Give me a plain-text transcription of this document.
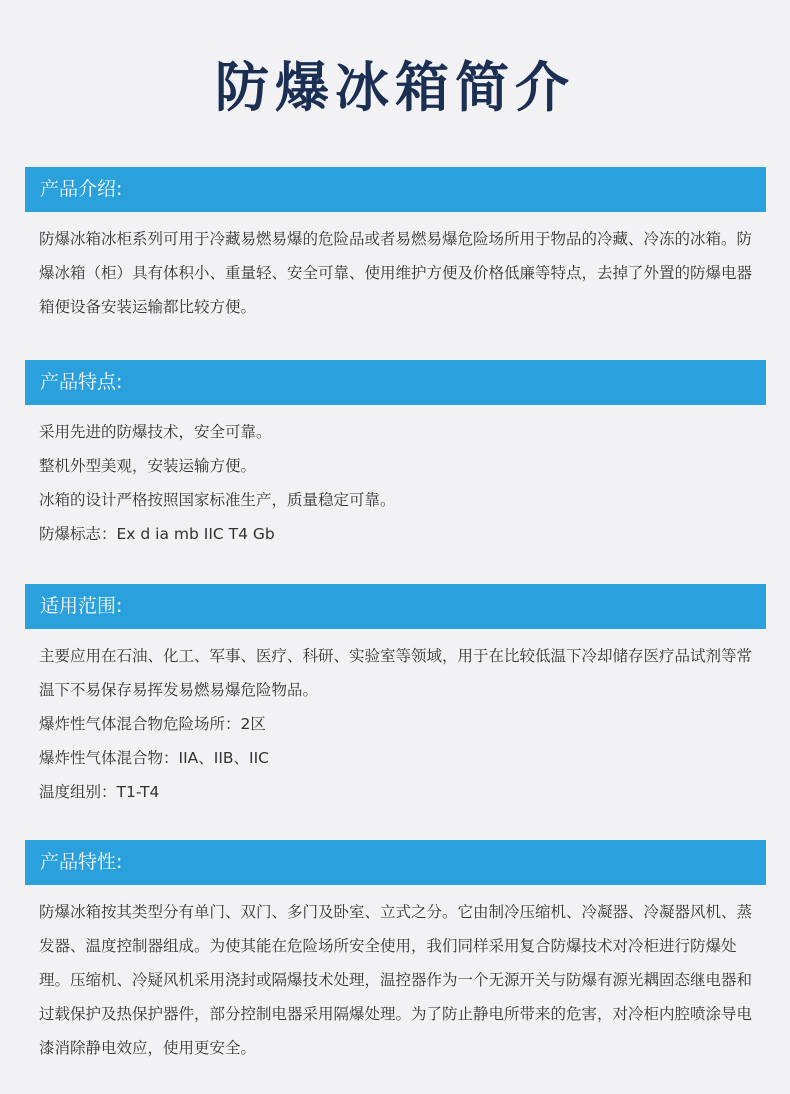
防爆冰箱简介
产品介绍:

防爆冰箱冰柜系列可用于冷藏易燃易爆的危险品或者易燃易爆危险场所用于物品的冷藏、冷冻的冰箱。防爆冰箱（柜）具有体积小、重量轻、安全可靠、使用维护方便及价格低廉等特点，去掉了外置的防爆电器箱便设备安装运输都比较方便。

产品特点:

采用先进的防爆技术，安全可靠。

整机外型美观，安装运输方便。

冰箱的设计严格按照国家标准生产，质量稳定可靠。

防爆标志：Ex d ia mb IIC T4 Gb

适用范围:

主要应用在石油、化工、军事、医疗、科研、实验室等领域，用于在比较低温下冷却储存医疗品试剂等常温下不易保存易挥发易燃易爆危险物品。

爆炸性气体混合物危险场所：2区

爆炸性气体混合物：IIA、IIB、IIC

温度组别：T1-T4

产品特性:

防爆冰箱按其类型分有单门、双门、多门及卧室、立式之分。它由制冷压缩机、冷凝器、冷凝器风机、蒸发器、温度控制器组成。为使其能在危险场所安全使用，我们同样采用复合防爆技术对冷柜进行防爆处理。压缩机、冷疑风机采用浇封或隔爆技术处理，温控器作为一个无源开关与防爆有源光耦固态继电器和过载保护及热保护器件，部分控制电器采用隔爆处理。为了防止静电所带来的危害，对冷柜内腔喷涂导电漆消除静电效应，使用更安全。
